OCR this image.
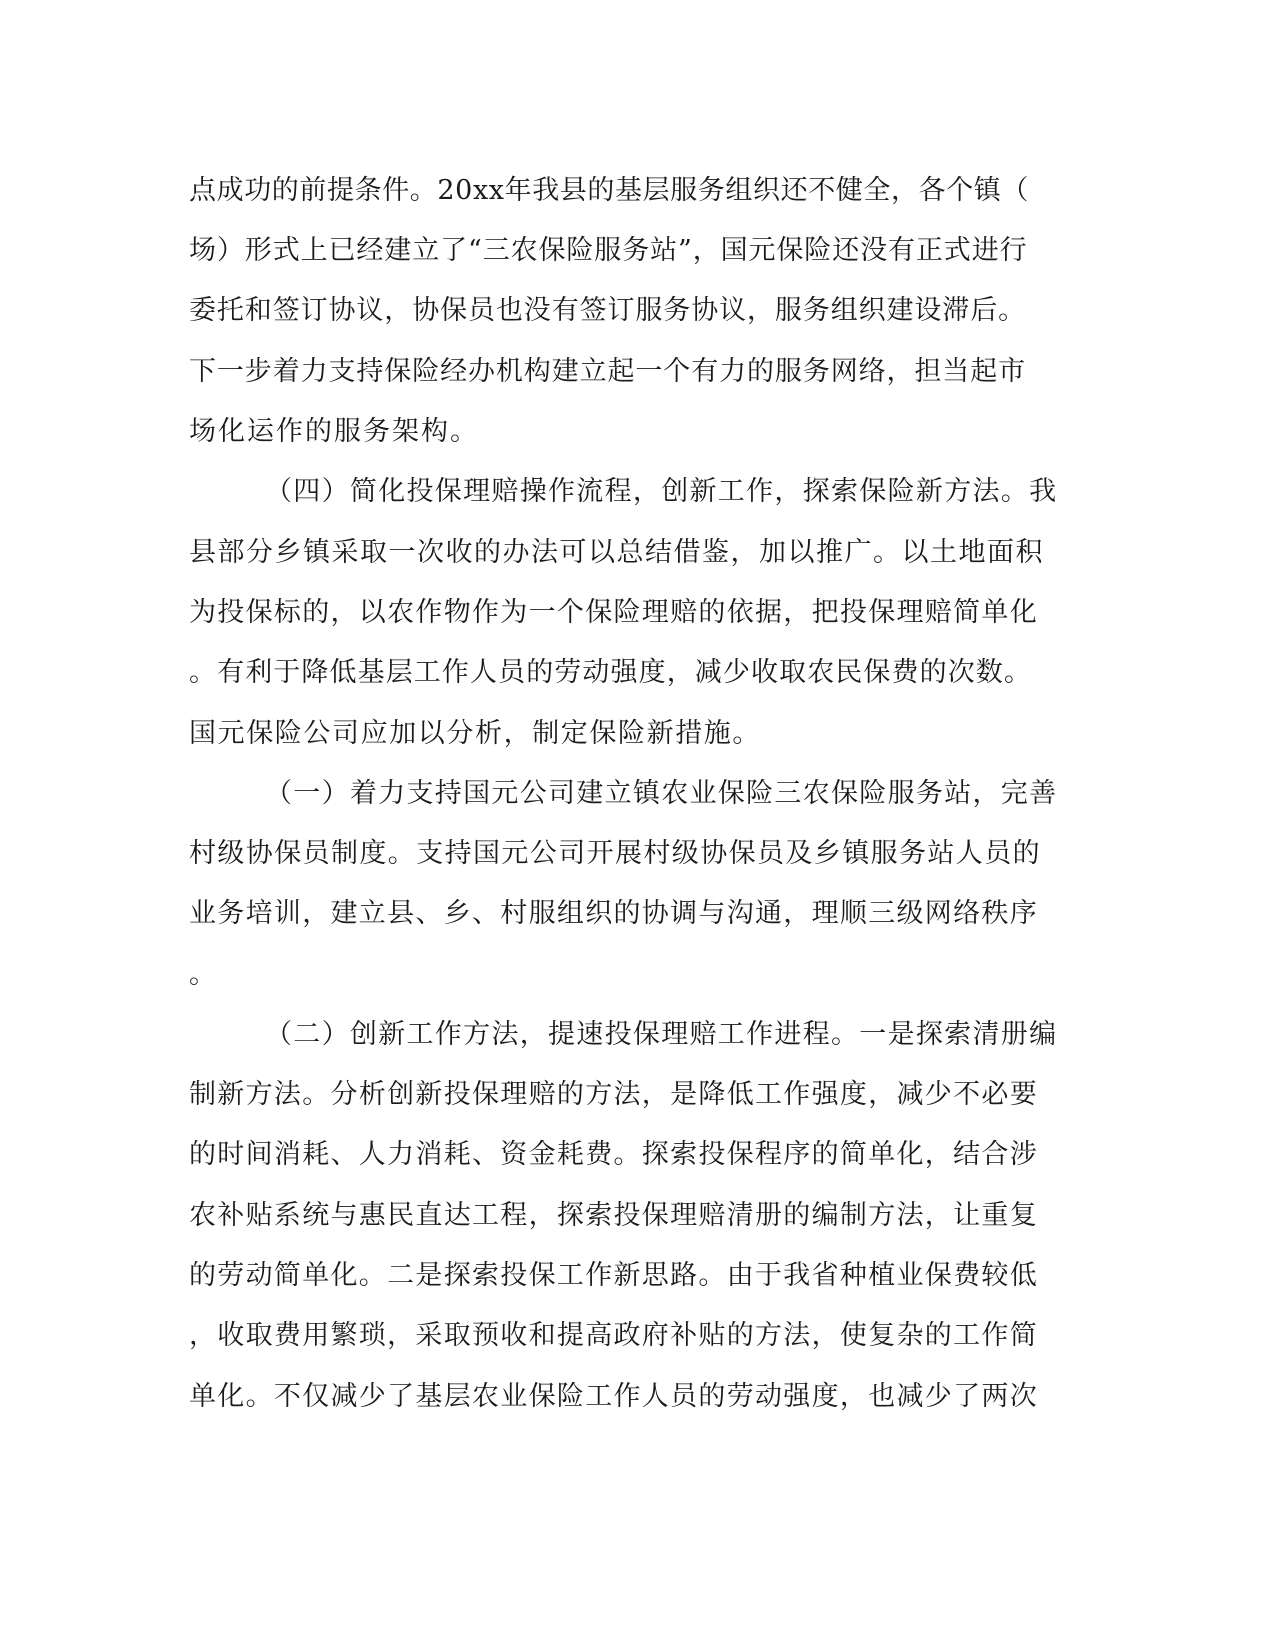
点成功的前提条件。20xx年我县的基层服务组织还不健全，各个镇（
场）形式上已经建立了“三农保险服务站”，国元保险还没有正式进行
委托和签订协议，协保员也没有签订服务协议，服务组织建设滞后。
下一步着力支持保险经办机构建立起一个有力的服务网络，担当起市
场化运作的服务架构。
（四）简化投保理赔操作流程，创新工作，探索保险新方法。我
县部分乡镇采取一次收的办法可以总结借鉴，加以推广。以土地面积
为投保标的，以农作物作为一个保险理赔的依据，把投保理赔简单化
。有利于降低基层工作人员的劳动强度，减少收取农民保费的次数。
国元保险公司应加以分析，制定保险新措施。
（一）着力支持国元公司建立镇农业保险三农保险服务站，完善
村级协保员制度。支持国元公司开展村级协保员及乡镇服务站人员的
业务培训，建立县、乡、村服组织的协调与沟通，理顺三级网络秩序
。
（二）创新工作方法，提速投保理赔工作进程。一是探索清册编
制新方法。分析创新投保理赔的方法，是降低工作强度，减少不必要
的时间消耗、人力消耗、资金耗费。探索投保程序的简单化，结合涉
农补贴系统与惠民直达工程，探索投保理赔清册的编制方法，让重复
的劳动简单化。二是探索投保工作新思路。由于我省种植业保费较低
，收取费用繁琐，采取预收和提高政府补贴的方法，使复杂的工作简
单化。不仅减少了基层农业保险工作人员的劳动强度，也减少了两次
